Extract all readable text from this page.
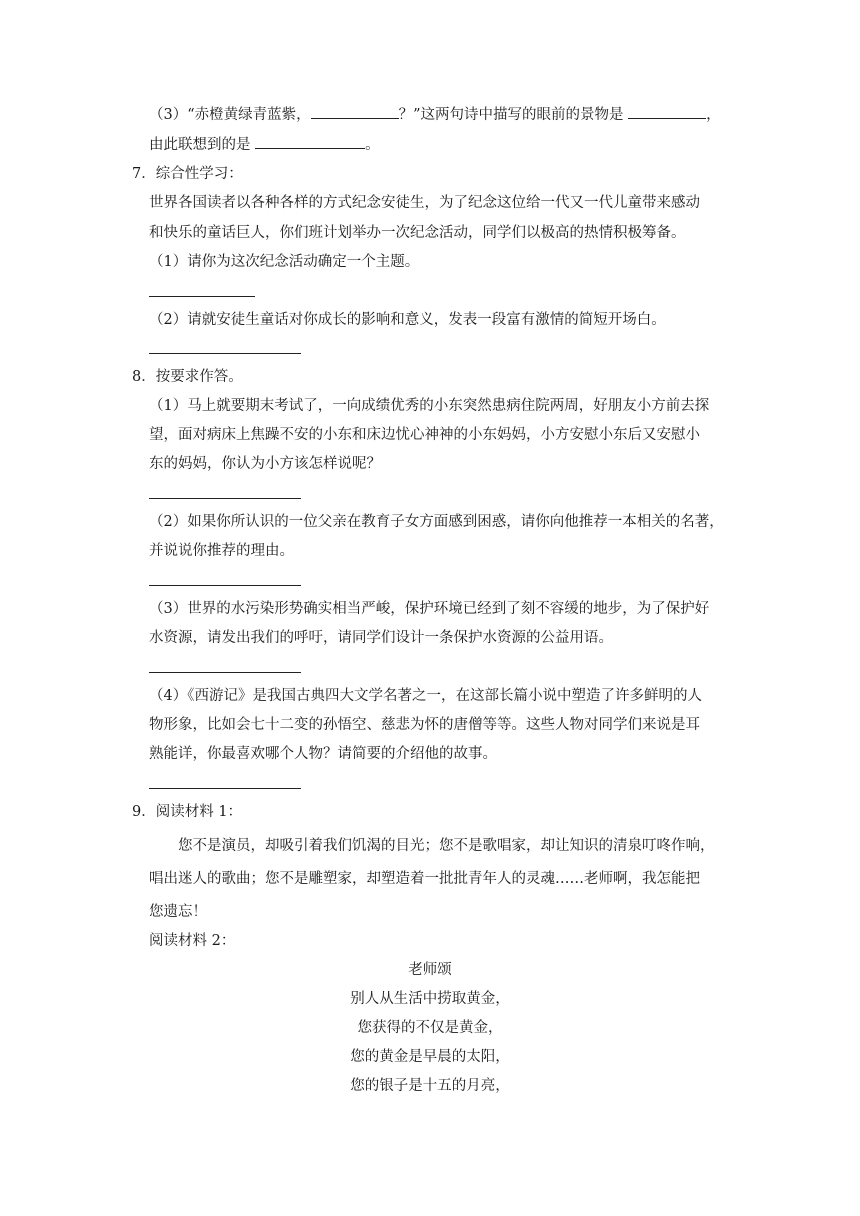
（3）“赤橙黄绿青蓝紫，	？”这两句诗中描写的眼前的景物是	，
由此联想到的是	。
7．综合性学习：
世界各国读者以各种各样的方式纪念安徒生，为了纪念这位给一代又一代儿童带来感动
和快乐的童话巨人，你们班计划举办一次纪念活动，同学们以极高的热情积极筹备。
（1）请你为这次纪念活动确定一个主题。
（2）请就安徒生童话对你成长的影响和意义，发表一段富有激情的简短开场白。
8．按要求作答。
（1）马上就要期末考试了，一向成绩优秀的小东突然患病住院两周，好朋友小方前去探
望，面对病床上焦躁不安的小东和床边忧心神神的小东妈妈，小方安慰小东后又安慰小
东的妈妈，你认为小方该怎样说呢？
（2）如果你所认识的一位父亲在教育子女方面感到困惑，请你向他推荐一本相关的名著，
并说说你推荐的理由。
（3）世界的水污染形势确实相当严峻，保护环境已经到了刻不容缓的地步，为了保护好
水资源，请发出我们的呼吁，请同学们设计一条保护水资源的公益用语。
（4）《西游记》是我国古典四大文学名著之一，在这部长篇小说中塑造了许多鲜明的人
物形象，比如会七十二变的孙悟空、慈悲为怀的唐僧等等。这些人物对同学们来说是耳
熟能详，你最喜欢哪个人物？请简要的介绍他的故事。
9．阅读材料 1：
您不是演员，却吸引着我们饥渴的目光；您不是歌唱家，却让知识的清泉叮咚作响，
唱出迷人的歌曲；您不是雕塑家，却塑造着一批批青年人的灵魂……老师啊，我怎能把
您遗忘！
阅读材料 2：
老师颂
别人从生活中捞取黄金，
您获得的不仅是黄金，
您的黄金是早晨的太阳，
您的银子是十五的月亮，
